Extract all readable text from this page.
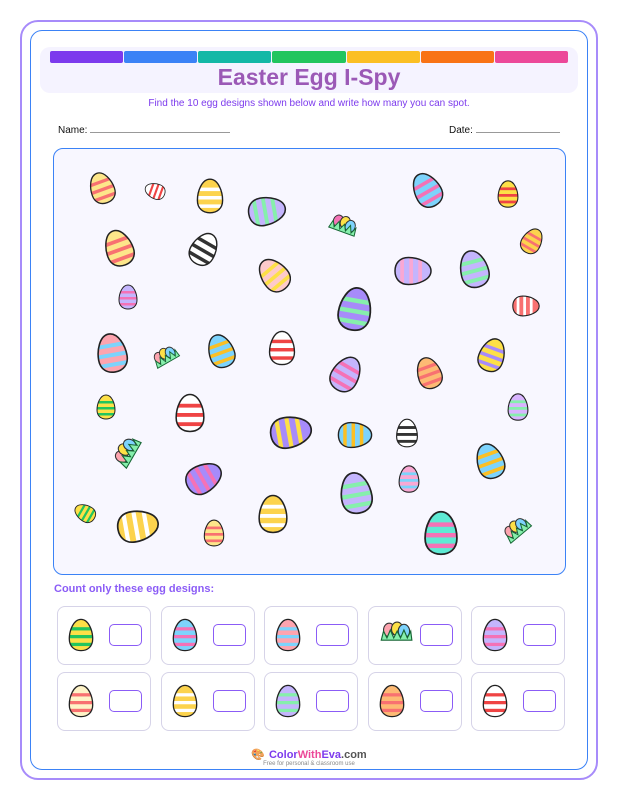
Easter Egg I-Spy
Find the 10 egg designs shown below and write how many you can spot.
Name:	Date:
Count only these egg designs:
🎨 ColorWithEva.com
Free for personal & classroom use
